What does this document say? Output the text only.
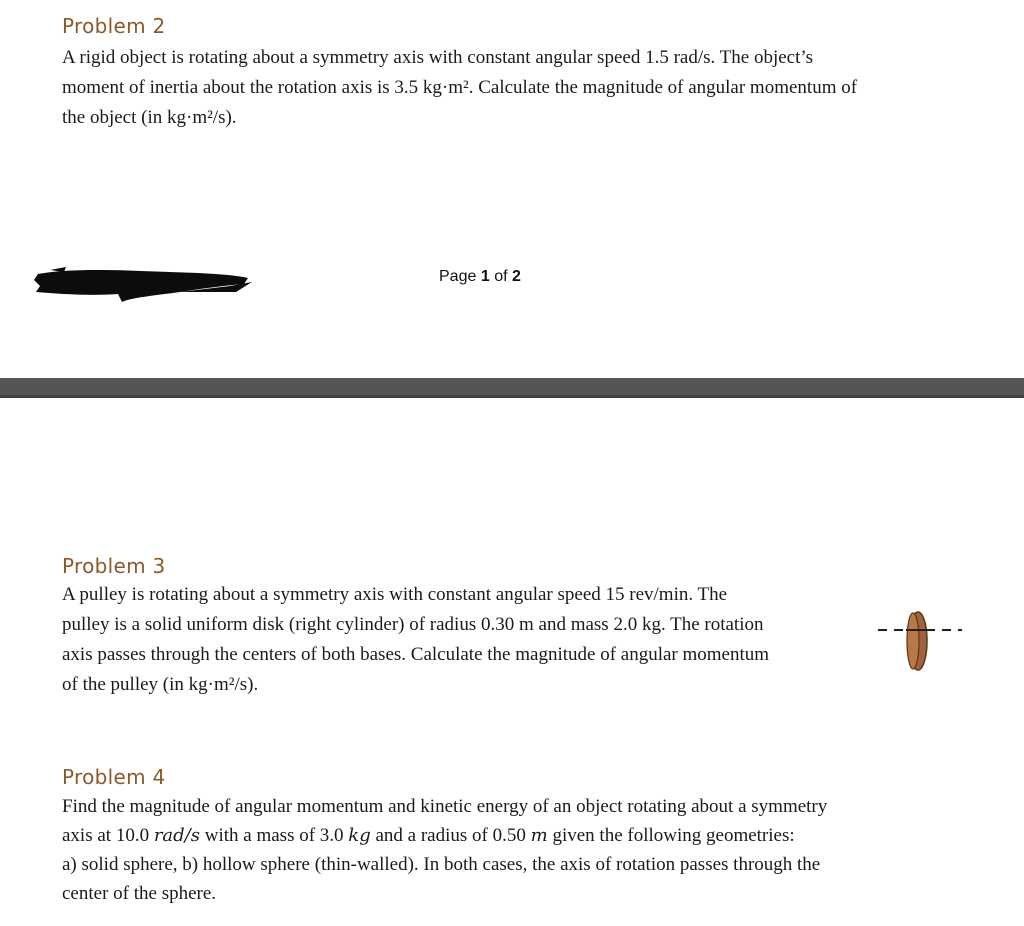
Problem 2
A rigid object is rotating about a symmetry axis with constant angular speed 1.5 rad/s. The object’s
moment of inertia about the rotation axis is 3.5 kg·m². Calculate the magnitude of angular momentum of
the object (in kg·m²/s).
Page 1 of 2
Problem 3
A pulley is rotating about a symmetry axis with constant angular speed 15 rev/min. The
pulley is a solid uniform disk (right cylinder) of radius 0.30 m and mass 2.0 kg. The rotation
axis passes through the centers of both bases. Calculate the magnitude of angular momentum
of the pulley (in kg·m²/s).
Problem 4
Find the magnitude of angular momentum and kinetic energy of an object rotating about a symmetry
axis at 10.0 rad/s with a mass of 3.0 kg and a radius of 0.50 m given the following geometries:
a) solid sphere, b) hollow sphere (thin-walled). In both cases, the axis of rotation passes through the
center of the sphere.
